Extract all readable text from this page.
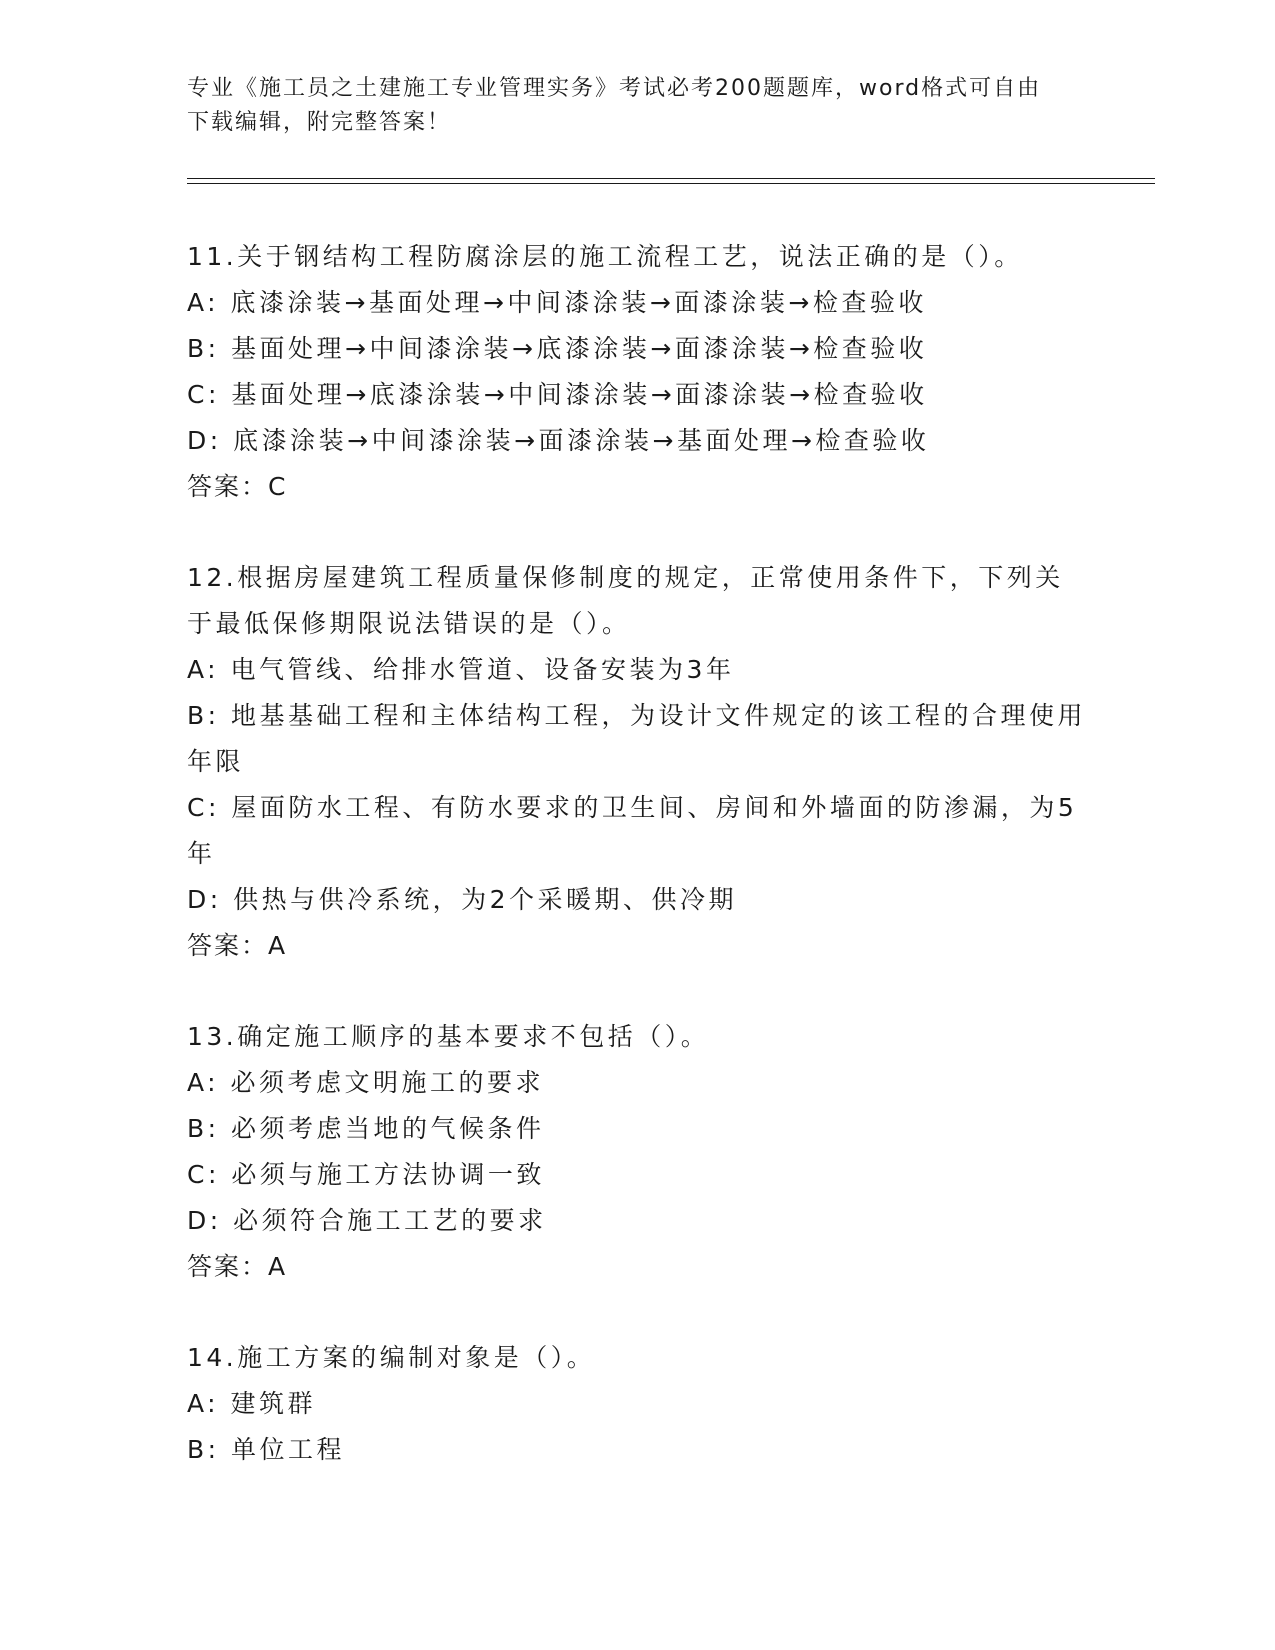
专业《施工员之土建施工专业管理实务》考试必考200题题库，word格式可自由
下载编辑，附完整答案！
11.关于钢结构工程防腐涂层的施工流程工艺，说法正确的是（）。
A: 底漆涂装→基面处理→中间漆涂装→面漆涂装→检查验收
B: 基面处理→中间漆涂装→底漆涂装→面漆涂装→检查验收
C: 基面处理→底漆涂装→中间漆涂装→面漆涂装→检查验收
D: 底漆涂装→中间漆涂装→面漆涂装→基面处理→检查验收
答案：C
12.根据房屋建筑工程质量保修制度的规定，正常使用条件下，下列关于最低保修期限说法错误的是（）。
A: 电气管线、给排水管道、设备安装为3年
B: 地基基础工程和主体结构工程，为设计文件规定的该工程的合理使用年限
C: 屋面防水工程、有防水要求的卫生间、房间和外墙面的防渗漏，为5年
D: 供热与供冷系统，为2个采暖期、供冷期
答案：A
13.确定施工顺序的基本要求不包括（）。
A: 必须考虑文明施工的要求
B: 必须考虑当地的气候条件
C: 必须与施工方法协调一致
D: 必须符合施工工艺的要求
答案：A
14.施工方案的编制对象是（）。
A: 建筑群
B: 单位工程
